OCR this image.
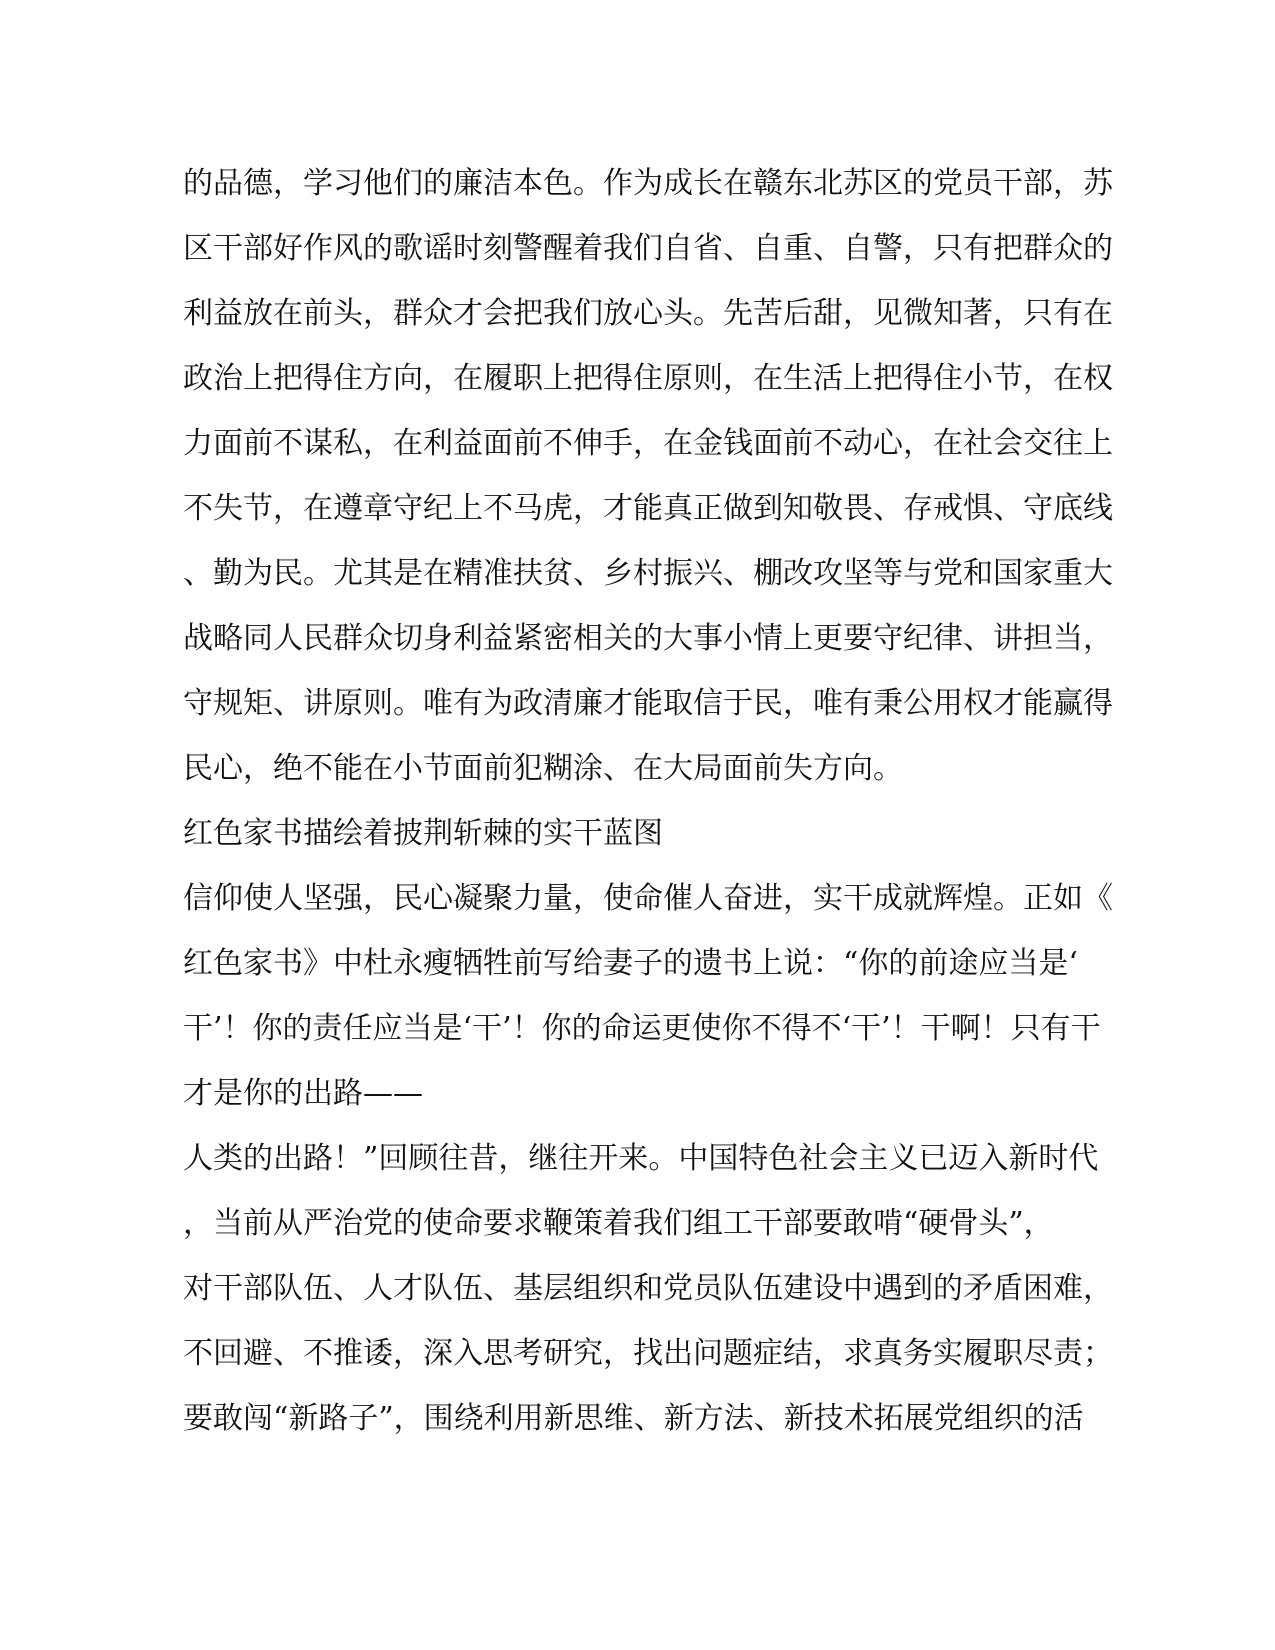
的品德，学习他们的廉洁本色。作为成长在赣东北苏区的党员干部，苏
区干部好作风的歌谣时刻警醒着我们自省、自重、自警，只有把群众的
利益放在前头，群众才会把我们放心头。先苦后甜，见微知著，只有在
政治上把得住方向，在履职上把得住原则，在生活上把得住小节，在权
力面前不谋私，在利益面前不伸手，在金钱面前不动心，在社会交往上
不失节，在遵章守纪上不马虎，才能真正做到知敬畏、存戒惧、守底线
、勤为民。尤其是在精准扶贫、乡村振兴、棚改攻坚等与党和国家重大
战略同人民群众切身利益紧密相关的大事小情上更要守纪律、讲担当，
守规矩、讲原则。唯有为政清廉才能取信于民，唯有秉公用权才能赢得
民心，绝不能在小节面前犯糊涂、在大局面前失方向。
红色家书描绘着披荆斩棘的实干蓝图
信仰使人坚强，民心凝聚力量，使命催人奋进，实干成就辉煌。正如《
红色家书》中杜永瘦牺牲前写给妻子的遗书上说：“你的前途应当是‘
干’！你的责任应当是‘干’！你的命运更使你不得不‘干’！干啊！只有干
才是你的出路——
人类的出路！”回顾往昔，继往开来。中国特色社会主义已迈入新时代
，当前从严治党的使命要求鞭策着我们组工干部要敢啃“硬骨头”，
对干部队伍、人才队伍、基层组织和党员队伍建设中遇到的矛盾困难，
不回避、不推诿，深入思考研究，找出问题症结，求真务实履职尽责；
要敢闯“新路子”，围绕利用新思维、新方法、新技术拓展党组织的活
